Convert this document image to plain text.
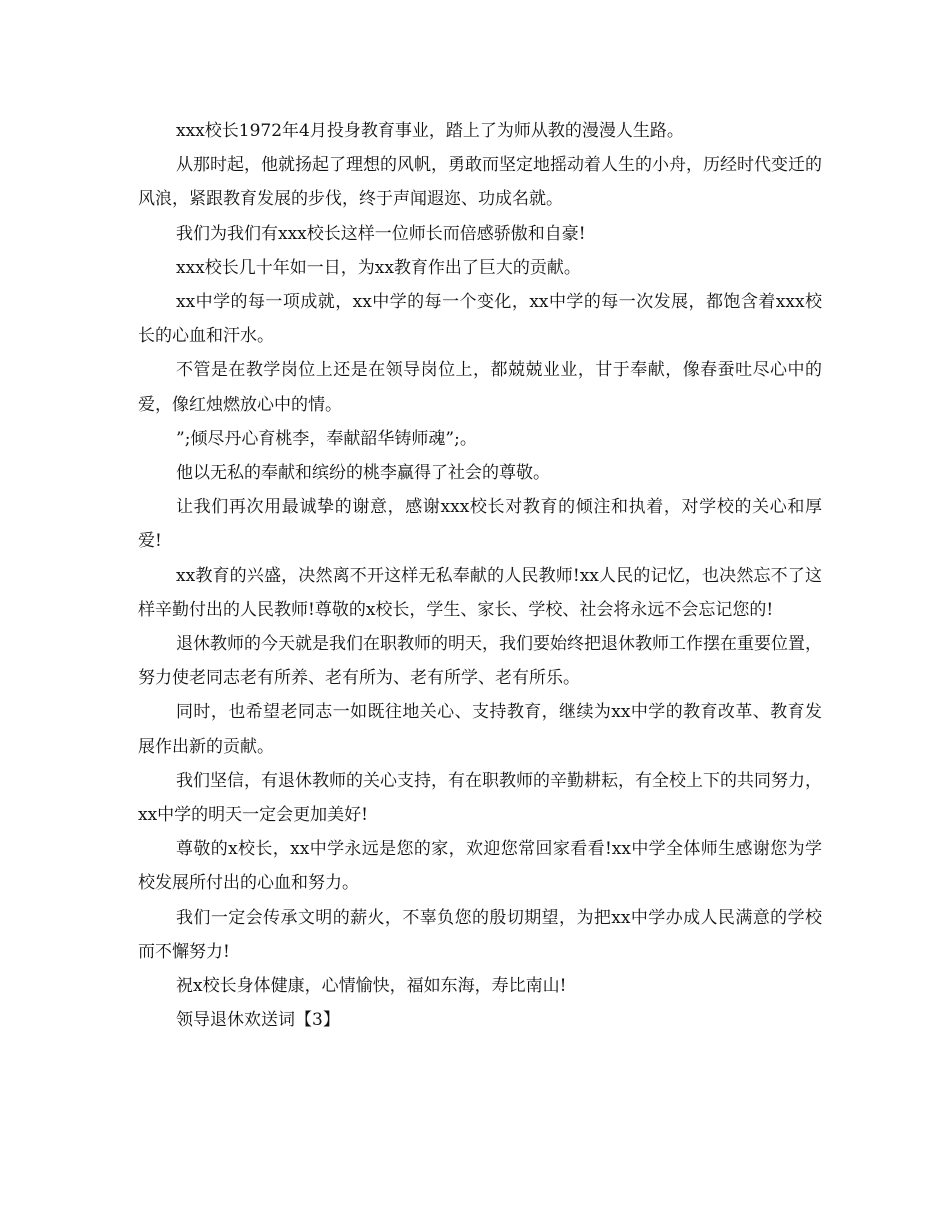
xxx校长1972年4月投身教育事业，踏上了为师从教的漫漫人生路。

从那时起，他就扬起了理想的风帆，勇敢而坚定地摇动着人生的小舟，历经时代变迁的风浪，紧跟教育发展的步伐，终于声闻遐迩、功成名就。

我们为我们有xxx校长这样一位师长而倍感骄傲和自豪!

xxx校长几十年如一日，为xx教育作出了巨大的贡献。

xx中学的每一项成就，xx中学的每一个变化，xx中学的每一次发展，都饱含着xxx校长的心血和汗水。

不管是在教学岗位上还是在领导岗位上，都兢兢业业，甘于奉献，像春蚕吐尽心中的爱，像红烛燃放心中的情。

”;倾尽丹心育桃李，奉献韶华铸师魂”;。

他以无私的奉献和缤纷的桃李赢得了社会的尊敬。

让我们再次用最诚挚的谢意，感谢xxx校长对教育的倾注和执着，对学校的关心和厚爱!

xx教育的兴盛，决然离不开这样无私奉献的人民教师!xx人民的记忆，也决然忘不了这样辛勤付出的人民教师!尊敬的x校长，学生、家长、学校、社会将永远不会忘记您的!

退休教师的今天就是我们在职教师的明天，我们要始终把退休教师工作摆在重要位置，努力使老同志老有所养、老有所为、老有所学、老有所乐。

同时，也希望老同志一如既往地关心、支持教育，继续为xx中学的教育改革、教育发展作出新的贡献。

我们坚信，有退休教师的关心支持，有在职教师的辛勤耕耘，有全校上下的共同努力，xx中学的明天一定会更加美好!

尊敬的x校长，xx中学永远是您的家，欢迎您常回家看看!xx中学全体师生感谢您为学校发展所付出的心血和努力。

我们一定会传承文明的薪火，不辜负您的殷切期望，为把xx中学办成人民满意的学校而不懈努力!

祝x校长身体健康，心情愉快，福如东海，寿比南山!

领导退休欢送词【3】
